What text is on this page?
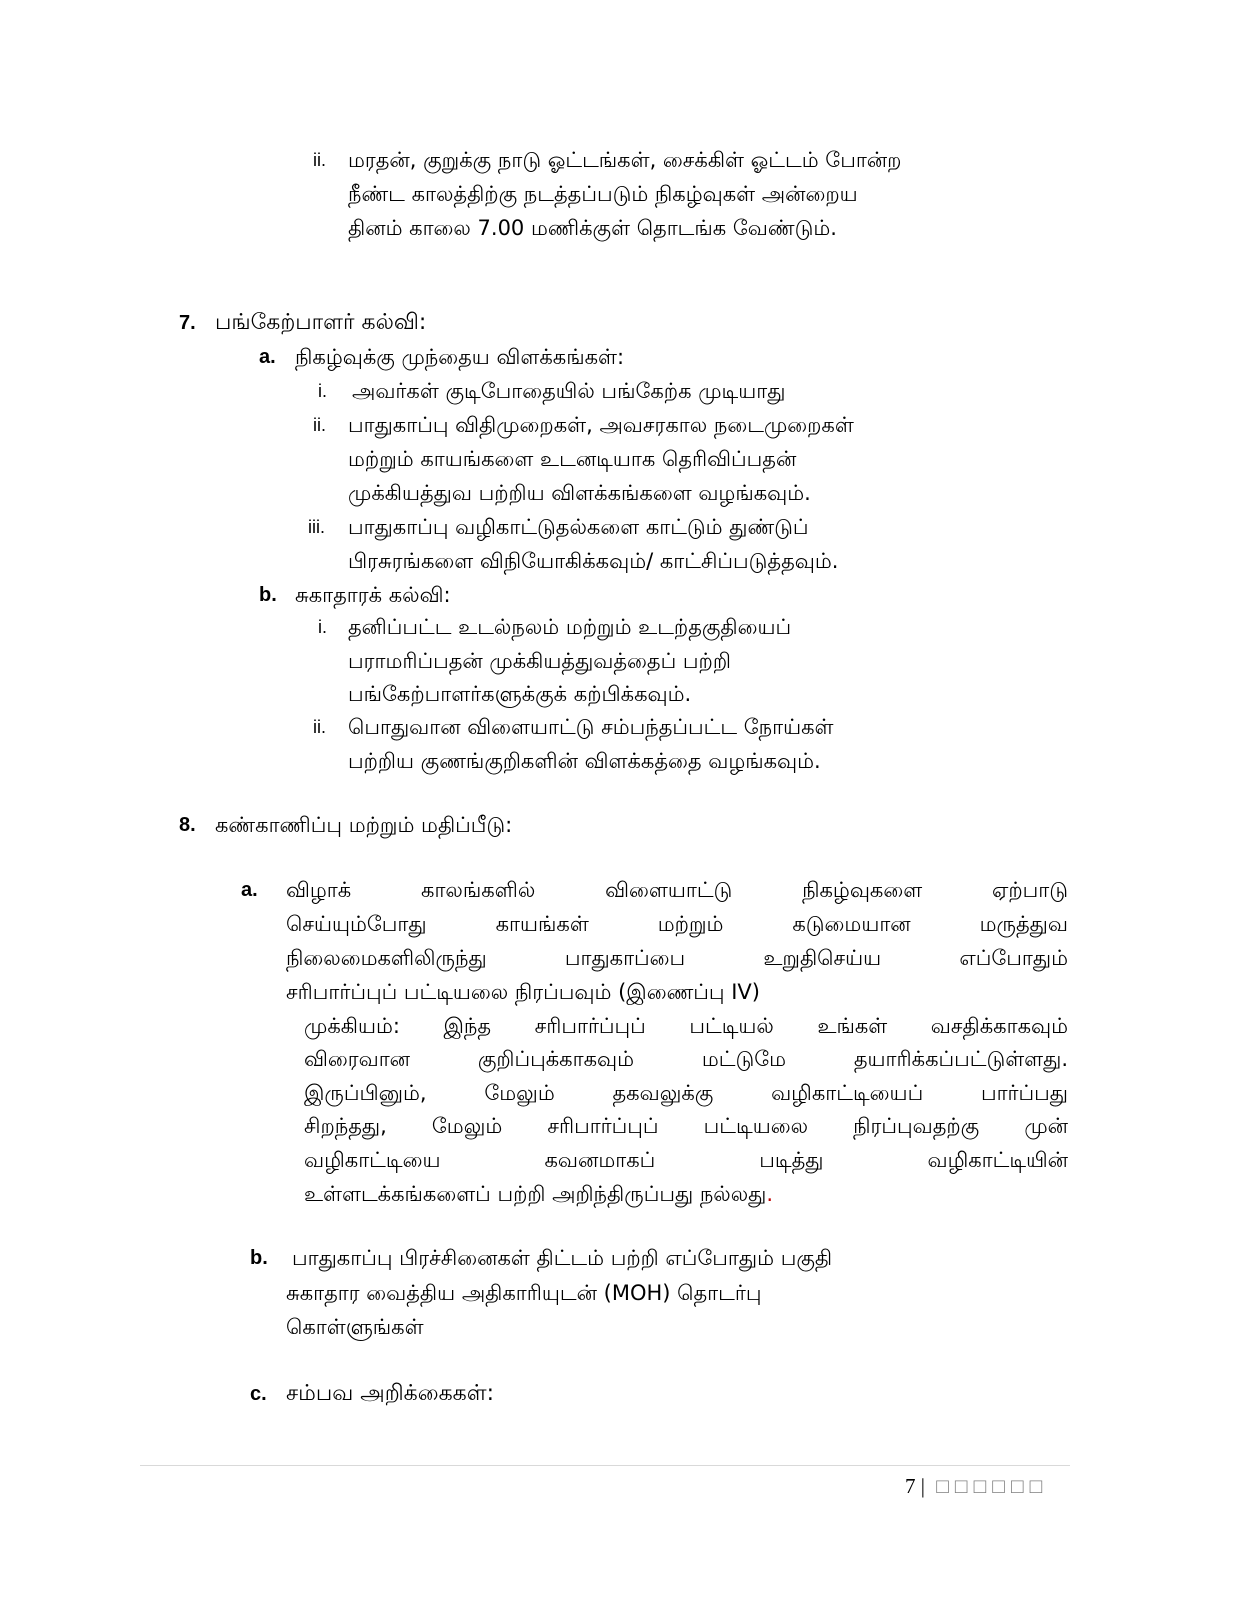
ii. மரதன், குறுக்கு நாடு ஓட்டங்கள், சைக்கிள் ஓட்டம் போன்ற
நீண்ட காலத்திற்கு நடத்தப்படும் நிகழ்வுகள் அன்றைய
தினம் காலை 7.00 மணிக்குள் தொடங்க வேண்டும்.
7. பங்கேற்பாளர் கல்வி:
a. நிகழ்வுக்கு முந்தைய விளக்கங்கள்:
i. அவர்கள் குடிபோதையில் பங்கேற்க முடியாது
ii. பாதுகாப்பு விதிமுறைகள், அவசரகால நடைமுறைகள்
மற்றும் காயங்களை உடனடியாக தெரிவிப்பதன்
முக்கியத்துவ பற்றிய விளக்கங்களை வழங்கவும்.
iii. பாதுகாப்பு வழிகாட்டுதல்களை காட்டும் துண்டுப்
பிரசுரங்களை விநியோகிக்கவும்/ காட்சிப்படுத்தவும்.
b. சுகாதாரக் கல்வி:
i. தனிப்பட்ட உடல்நலம் மற்றும் உடற்தகுதியைப்
பராமரிப்பதன் முக்கியத்துவத்தைப் பற்றி
பங்கேற்பாளர்களுக்குக் கற்பிக்கவும்.
ii. பொதுவான விளையாட்டு சம்பந்தப்பட்ட நோய்கள்
பற்றிய குணங்குறிகளின் விளக்கத்தை வழங்கவும்.
8. கண்காணிப்பு மற்றும் மதிப்பீடு:
a. விழாக் காலங்களில் விளையாட்டு நிகழ்வுகளை ஏற்பாடு
செய்யும்போது காயங்கள் மற்றும் கடுமையான மருத்துவ
நிலைமைகளிலிருந்து பாதுகாப்பை உறுதிசெய்ய எப்போதும்
சரிபார்ப்புப் பட்டியலை நிரப்பவும் (இணைப்பு IV)
முக்கியம்: இந்த சரிபார்ப்புப் பட்டியல் உங்கள் வசதிக்காகவும்
விரைவான குறிப்புக்காகவும் மட்டுமே தயாரிக்கப்பட்டுள்ளது.
இருப்பினும், மேலும் தகவலுக்கு வழிகாட்டியைப் பார்ப்பது
சிறந்தது, மேலும் சரிபார்ப்புப் பட்டியலை நிரப்புவதற்கு முன்
வழிகாட்டியை கவனமாகப் படித்து வழிகாட்டியின்
உள்ளடக்கங்களைப் பற்றி அறிந்திருப்பது நல்லது.
b. பாதுகாப்பு பிரச்சினைகள் திட்டம் பற்றி எப்போதும் பகுதி
சுகாதார வைத்திய அதிகாரியுடன் (MOH) தொடர்பு
கொள்ளுங்கள்
c. சம்பவ அறிக்கைகள்:
7 | □□□□□□
